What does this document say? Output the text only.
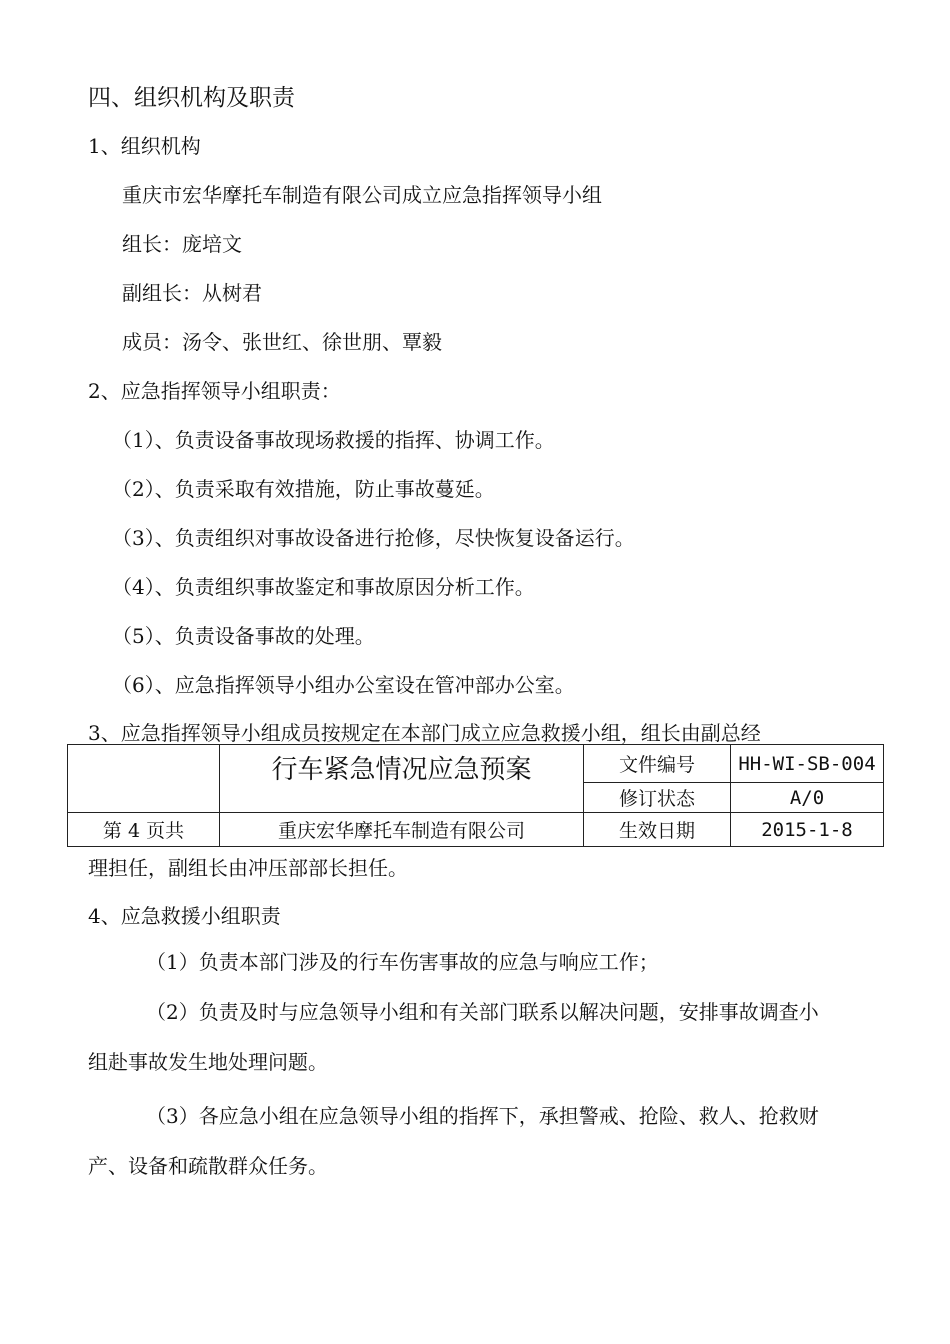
四、组织机构及职责
1、组织机构
重庆市宏华摩托车制造有限公司成立应急指挥领导小组
组长：庞培文
副组长：从树君
成员：汤令、张世红、徐世朋、覃毅
2、应急指挥领导小组职责：
（1）、负责设备事故现场救援的指挥、协调工作。
（2）、负责采取有效措施，防止事故蔓延。
（3）、负责组织对事故设备进行抢修，尽快恢复设备运行。
（4）、负责组织事故鉴定和事故原因分析工作。
（5）、负责设备事故的处理。
（6）、应急指挥领导小组办公室设在管冲部办公室。
3、应急指挥领导小组成员按规定在本部门成立应急救援小组，组长由副总经
	行车紧急情况应急预案	文件编号	HH-WI-SB-004
		修订状态	A/0
第 4 页共	重庆宏华摩托车制造有限公司	生效日期	2015-1-8
理担任，副组长由冲压部部长担任。
4、应急救援小组职责
（1）负责本部门涉及的行车伤害事故的应急与响应工作；
（2）负责及时与应急领导小组和有关部门联系以解决问题，安排事故调查小
组赴事故发生地处理问题。
（3）各应急小组在应急领导小组的指挥下，承担警戒、抢险、救人、抢救财
产、设备和疏散群众任务。
